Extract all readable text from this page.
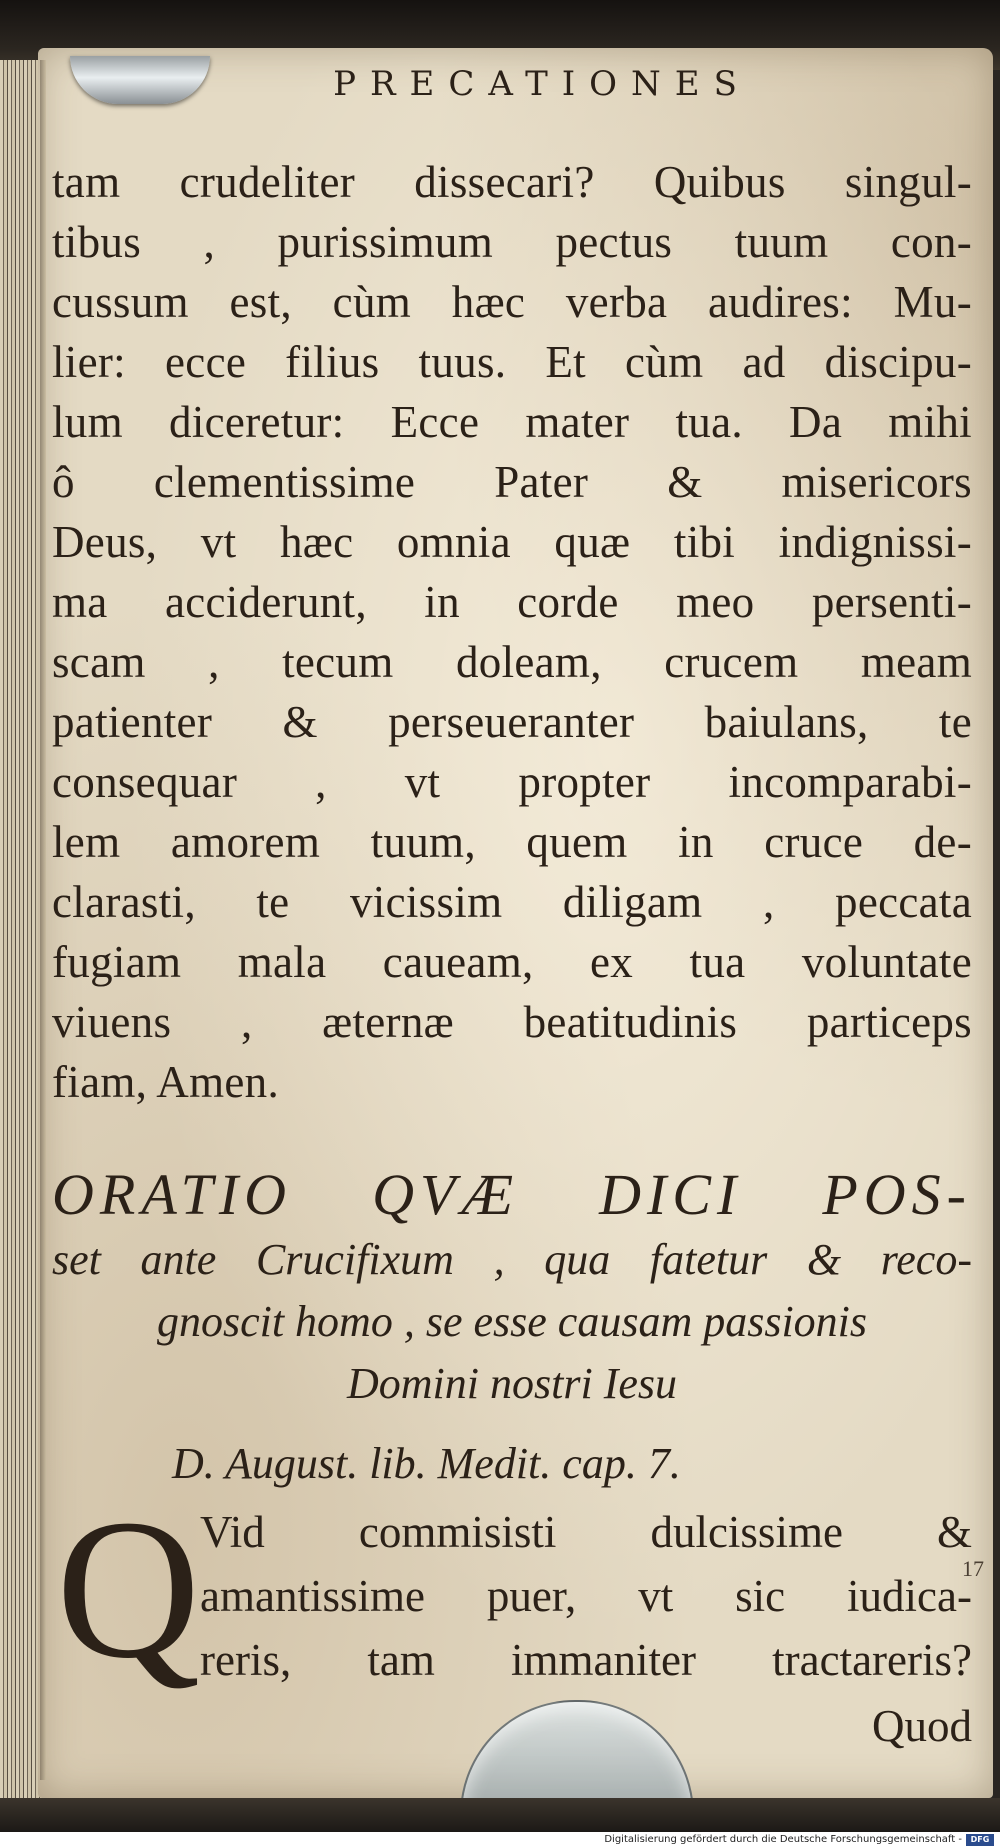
PRECATIONES
tam crudeliter dissecari? Quibus singul-
tibus , purissimum pectus tuum con-
cussum est, cùm hæc verba audires: Mu-
lier: ecce filius tuus. Et cùm ad discipu-
lum diceretur: Ecce mater tua. Da mihi
ô clementissime Pater & misericors
Deus, vt hæc omnia quæ tibi indignissi-
ma acciderunt, in corde meo persenti-
scam , tecum doleam, crucem meam
patienter & perseueranter baiulans, te
consequar , vt propter incomparabi-
lem amorem tuum, quem in cruce de-
clarasti, te vicissim diligam , peccata
fugiam mala caueam, ex tua voluntate
viuens , æternæ beatitudinis particeps
fiam, Amen.
ORATIO QVÆ DICI POS-
set ante Crucifixum , qua fatetur & reco-
gnoscit homo , se esse causam passionis
Domini nostri Iesu
D. August. lib. Medit. cap. 7.
Q Vid commisisti dulcissime &
amantissime puer, vt sic iudica-
reris, tam immaniter tractareris?
Quod
17
Digitalisierung gefördert durch die Deutsche Forschungsgemeinschaft -	DFG
